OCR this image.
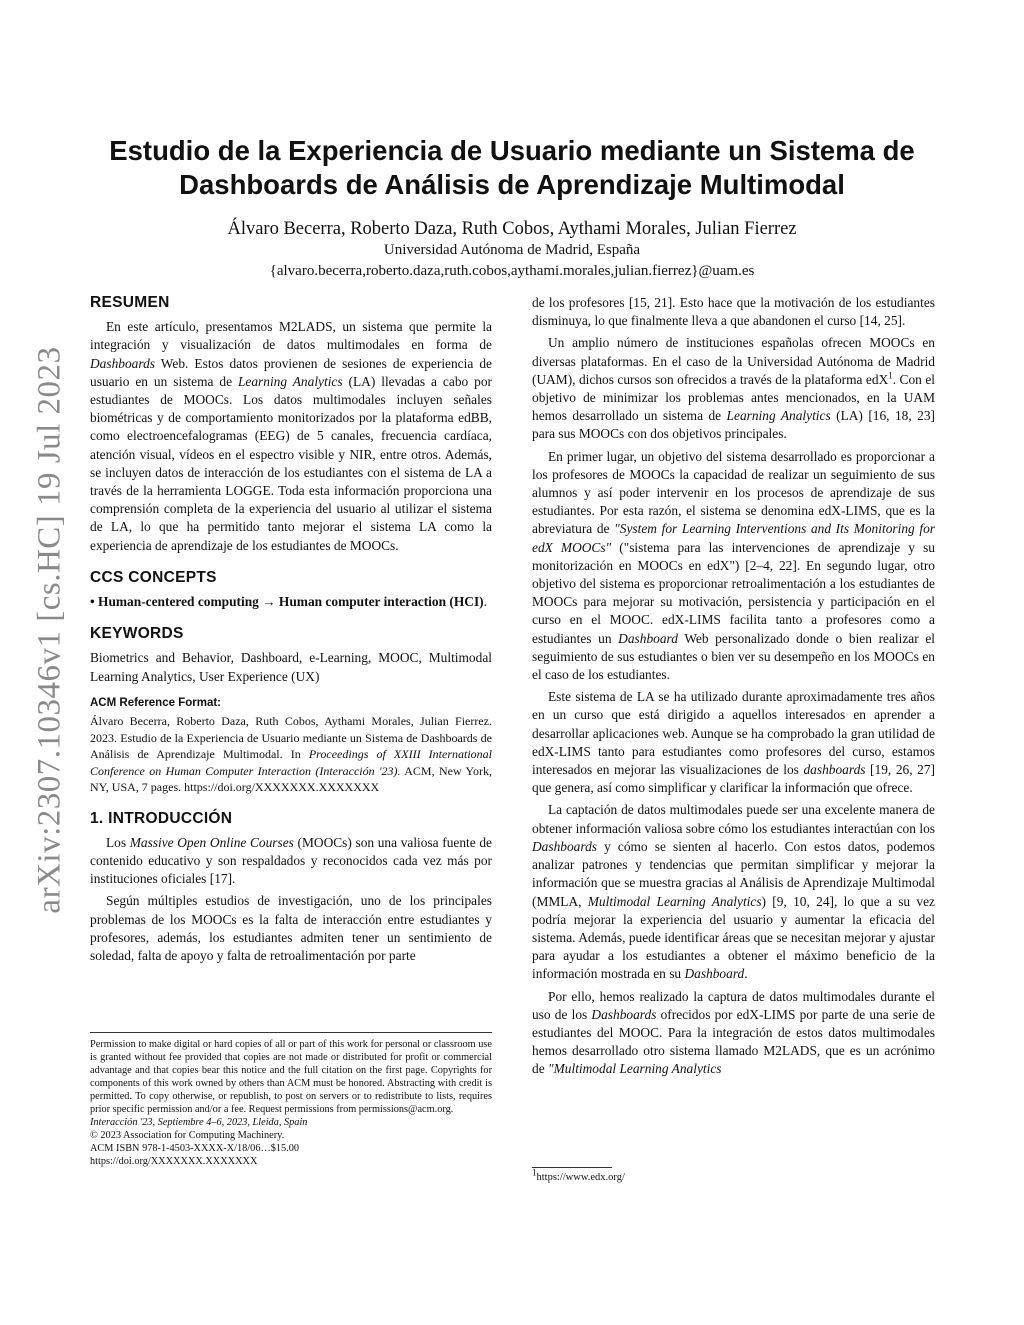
arXiv:2307.10346v1 [cs.HC] 19 Jul 2023
Estudio de la Experiencia de Usuario mediante un Sistema de
Dashboards de Análisis de Aprendizaje Multimodal
Álvaro Becerra, Roberto Daza, Ruth Cobos, Aythami Morales, Julian Fierrez
Universidad Autónoma de Madrid, España
{alvaro.becerra,roberto.daza,ruth.cobos,aythami.morales,julian.fierrez}@uam.es
RESUMEN

En este artículo, presentamos M2LADS, un sistema que permite la integración y visualización de datos multimodales en forma de Dashboards Web. Estos datos provienen de sesiones de experiencia de usuario en un sistema de Learning Analytics (LA) llevadas a cabo por estudiantes de MOOCs. Los datos multimodales incluyen señales biométricas y de comportamiento monitorizados por la plataforma edBB, como electroencefalogramas (EEG) de 5 canales, frecuencia cardíaca, atención visual, vídeos en el espectro visible y NIR, entre otros. Además, se incluyen datos de interacción de los estudiantes con el sistema de LA a través de la herramienta LOGGE. Toda esta información proporciona una comprensión completa de la experiencia del usuario al utilizar el sistema de LA, lo que ha permitido tanto mejorar el sistema LA como la experiencia de aprendizaje de los estudiantes de MOOCs.

CCS CONCEPTS

• Human-centered computing → Human computer interaction (HCI).

KEYWORDS

Biometrics and Behavior, Dashboard, e-Learning, MOOC, Multimodal Learning Analytics, User Experience (UX)

ACM Reference Format:

Álvaro Becerra, Roberto Daza, Ruth Cobos, Aythami Morales, Julian Fierrez. 2023. Estudio de la Experiencia de Usuario mediante un Sistema de Dashboards de Análisis de Aprendizaje Multimodal. In Proceedings of XXIII International Conference on Human Computer Interaction (Interacción '23). ACM, New York, NY, USA, 7 pages. https://doi.org/XXXXXXX.XXXXXXX

1. INTRODUCCIÓN

Los Massive Open Online Courses (MOOCs) son una valiosa fuente de contenido educativo y son respaldados y reconocidos cada vez más por instituciones oficiales [17].

Según múltiples estudios de investigación, uno de los principales problemas de los MOOCs es la falta de interacción entre estudiantes y profesores, además, los estudiantes admiten tener un sentimiento de soledad, falta de apoyo y falta de retroalimentación por parte

Permission to make digital or hard copies of all or part of this work for personal or classroom use is granted without fee provided that copies are not made or distributed for profit or commercial advantage and that copies bear this notice and the full citation on the first page. Copyrights for components of this work owned by others than ACM must be honored. Abstracting with credit is permitted. To copy otherwise, or republish, to post on servers or to redistribute to lists, requires prior specific permission and/or a fee. Request permissions from permissions@acm.org.
Interacción '23, Septiembre 4–6, 2023, Lleida, Spain
© 2023 Association for Computing Machinery.
ACM ISBN 978-1-4503-XXXX-X/18/06…$15.00
https://doi.org/XXXXXXX.XXXXXXX

de los profesores [15, 21]. Esto hace que la motivación de los estudiantes disminuya, lo que finalmente lleva a que abandonen el curso [14, 25].

Un amplio número de instituciones españolas ofrecen MOOCs en diversas plataformas. En el caso de la Universidad Autónoma de Madrid (UAM), dichos cursos son ofrecidos a través de la plataforma edX$^1$. Con el objetivo de minimizar los problemas antes mencionados, en la UAM hemos desarrollado un sistema de Learning Analytics (LA) [16, 18, 23] para sus MOOCs con dos objetivos principales.

En primer lugar, un objetivo del sistema desarrollado es proporcionar a los profesores de MOOCs la capacidad de realizar un seguimiento de sus alumnos y así poder intervenir en los procesos de aprendizaje de sus estudiantes. Por esta razón, el sistema se denomina edX-LIMS, que es la abreviatura de "System for Learning Interventions and Its Monitoring for edX MOOCs" ("sistema para las intervenciones de aprendizaje y su monitorización en MOOCs en edX") [2–4, 22]. En segundo lugar, otro objetivo del sistema es proporcionar retroalimentación a los estudiantes de MOOCs para mejorar su motivación, persistencia y participación en el curso en el MOOC. edX-LIMS facilita tanto a profesores como a estudiantes un Dashboard Web personalizado donde o bien realizar el seguimiento de sus estudiantes o bien ver su desempeño en los MOOCs en el caso de los estudiantes.

Este sistema de LA se ha utilizado durante aproximadamente tres años en un curso que está dirigido a aquellos interesados en aprender a desarrollar aplicaciones web. Aunque se ha comprobado la gran utilidad de edX-LIMS tanto para estudiantes como profesores del curso, estamos interesados en mejorar las visualizaciones de los dashboards [19, 26, 27] que genera, así como simplificar y clarificar la información que ofrece.

La captación de datos multimodales puede ser una excelente manera de obtener información valiosa sobre cómo los estudiantes interactúan con los Dashboards y cómo se sienten al hacerlo. Con estos datos, podemos analizar patrones y tendencias que permitan simplificar y mejorar la información que se muestra gracias al Análisis de Aprendizaje Multimodal (MMLA, Multimodal Learning Analytics) [9, 10, 24], lo que a su vez podría mejorar la experiencia del usuario y aumentar la eficacia del sistema. Además, puede identificar áreas que se necesitan mejorar y ajustar para ayudar a los estudiantes a obtener el máximo beneficio de la información mostrada en su Dashboard.

Por ello, hemos realizado la captura de datos multimodales durante el uso de los Dashboards ofrecidos por edX-LIMS por parte de una serie de estudiantes del MOOC. Para la integración de estos datos multimodales hemos desarrollado otro sistema llamado M2LADS, que es un acrónimo de "Multimodal Learning Analytics

$^1$https://www.edx.org/
